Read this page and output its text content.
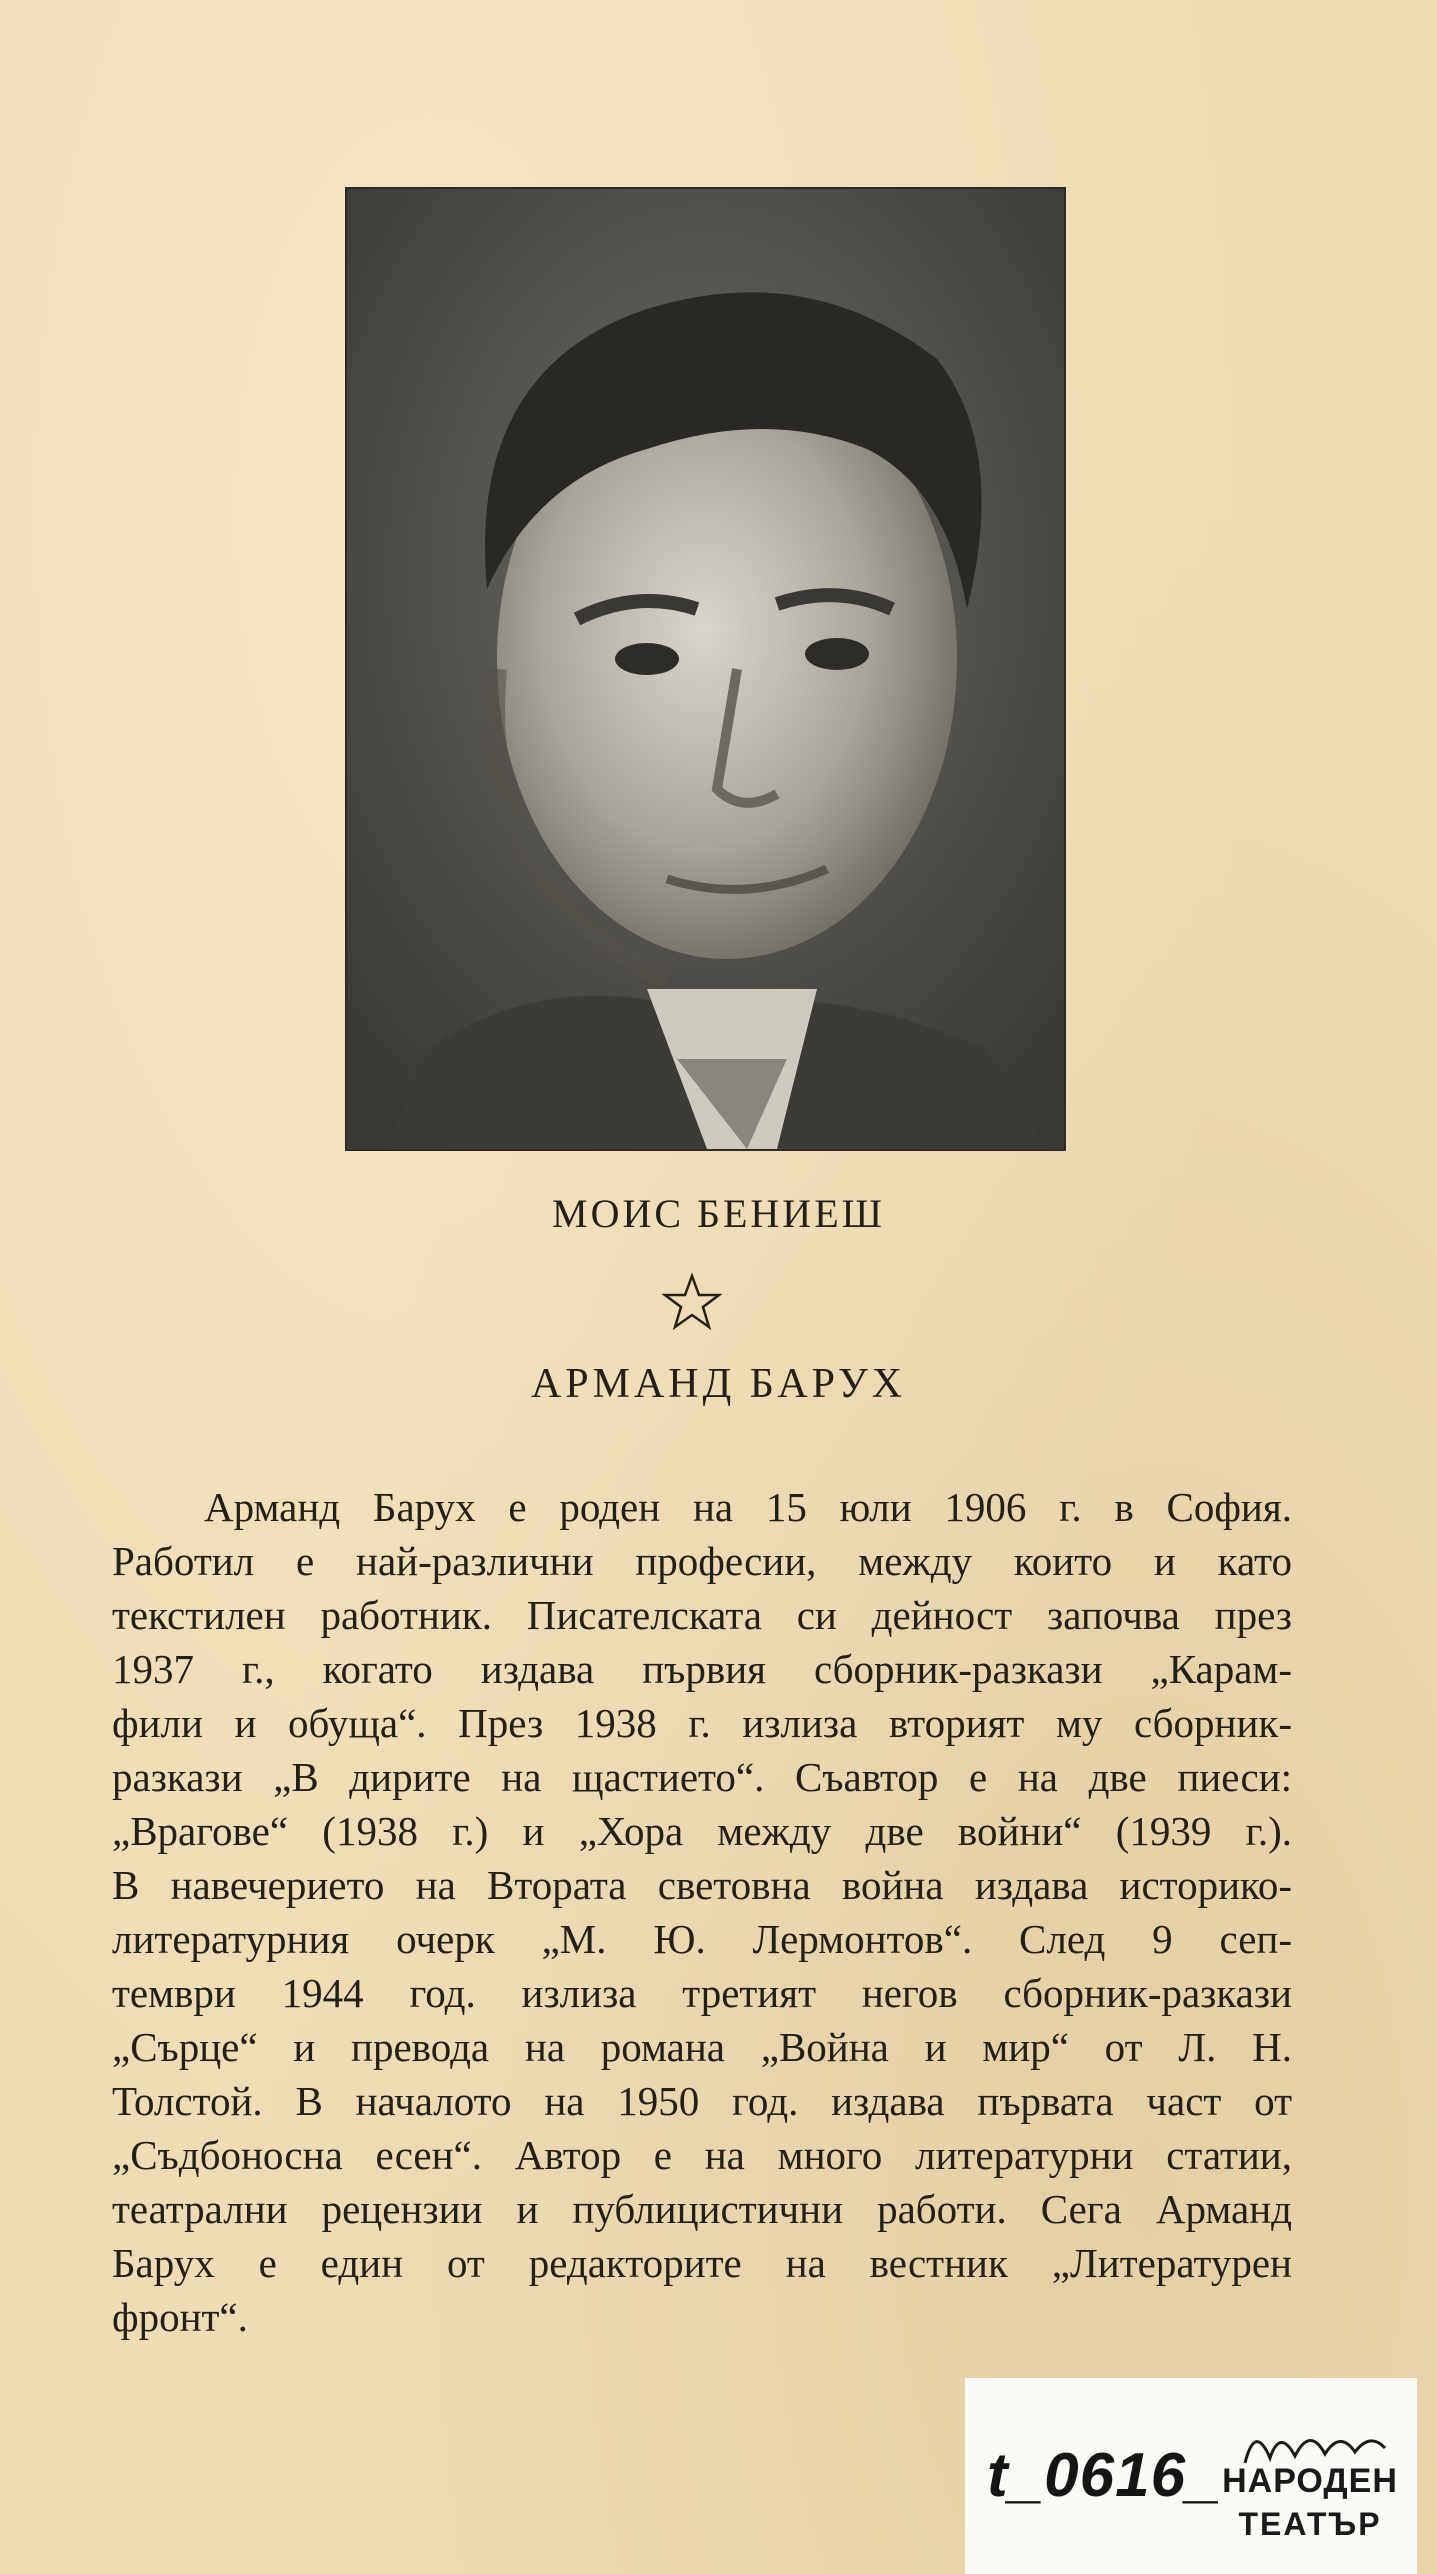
МОИС БЕНИЕШ
АРМАНД БАРУХ
Арманд Барух е роден на 15 юли 1906 г. в София.
Работил е най-различни професии, между които и като
текстилен работник. Писателската си дейност започва през
1937 г., когато издава първия сборник-разкази „Карам-
фили и обуща“. През 1938 г. излиза вторият му сборник-
разкази „В дирите на щастието“. Съавтор е на две пиеси:
„Врагове“ (1938 г.) и „Хора между две войни“ (1939 г.).
В навечерието на Втората световна война издава историко-
литературния очерк „М. Ю. Лермонтов“. След 9 сеп-
тември 1944 год. излиза третият негов сборник-разкази
„Сърце“ и превода на романа „Война и мир“ от Л. Н.
Толстой. В началото на 1950 год. издава първата част от
„Съдбоносна есен“. Автор е на много литературни статии,
театрални рецензии и публицистични работи. Сега Арманд
Барух е един от редакторите на вестник „Литературен
фронт“.
t_0616_ НАРОДЕН
ТЕАТЪР
